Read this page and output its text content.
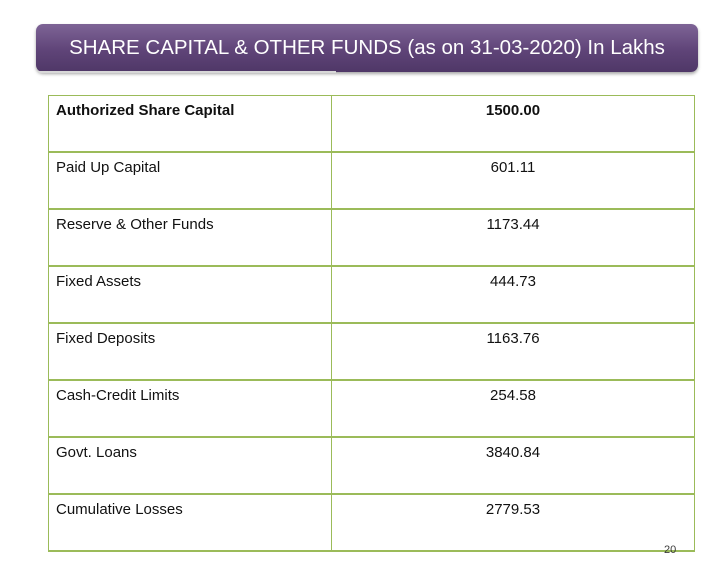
SHARE CAPITAL & OTHER FUNDS (as on 31-03-2020) In Lakhs
Authorized Share Capital	1500.00
Paid Up Capital	601.11
Reserve & Other Funds	1173.44
Fixed Assets	444.73
Fixed Deposits	1163.76
Cash-Credit Limits	254.58
Govt. Loans	3840.84
Cumulative Losses	2779.53
20
